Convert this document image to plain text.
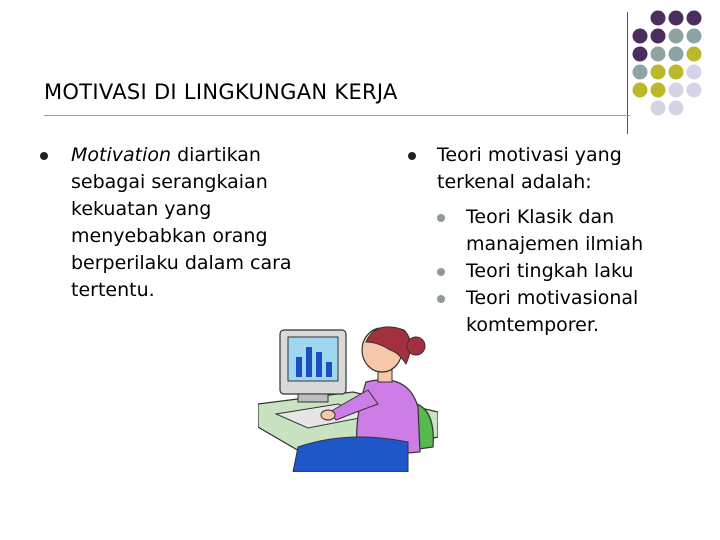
MOTIVASI DI LINGKUNGAN KERJA
Motivation diartikan sebagai serangkaian kekuatan yang menyebabkan orang berperilaku dalam cara tertentu.
Teori motivasi yang terkenal adalah:
Teori Klasik dan manajemen ilmiah
Teori tingkah laku
Teori motivasional komtemporer.
